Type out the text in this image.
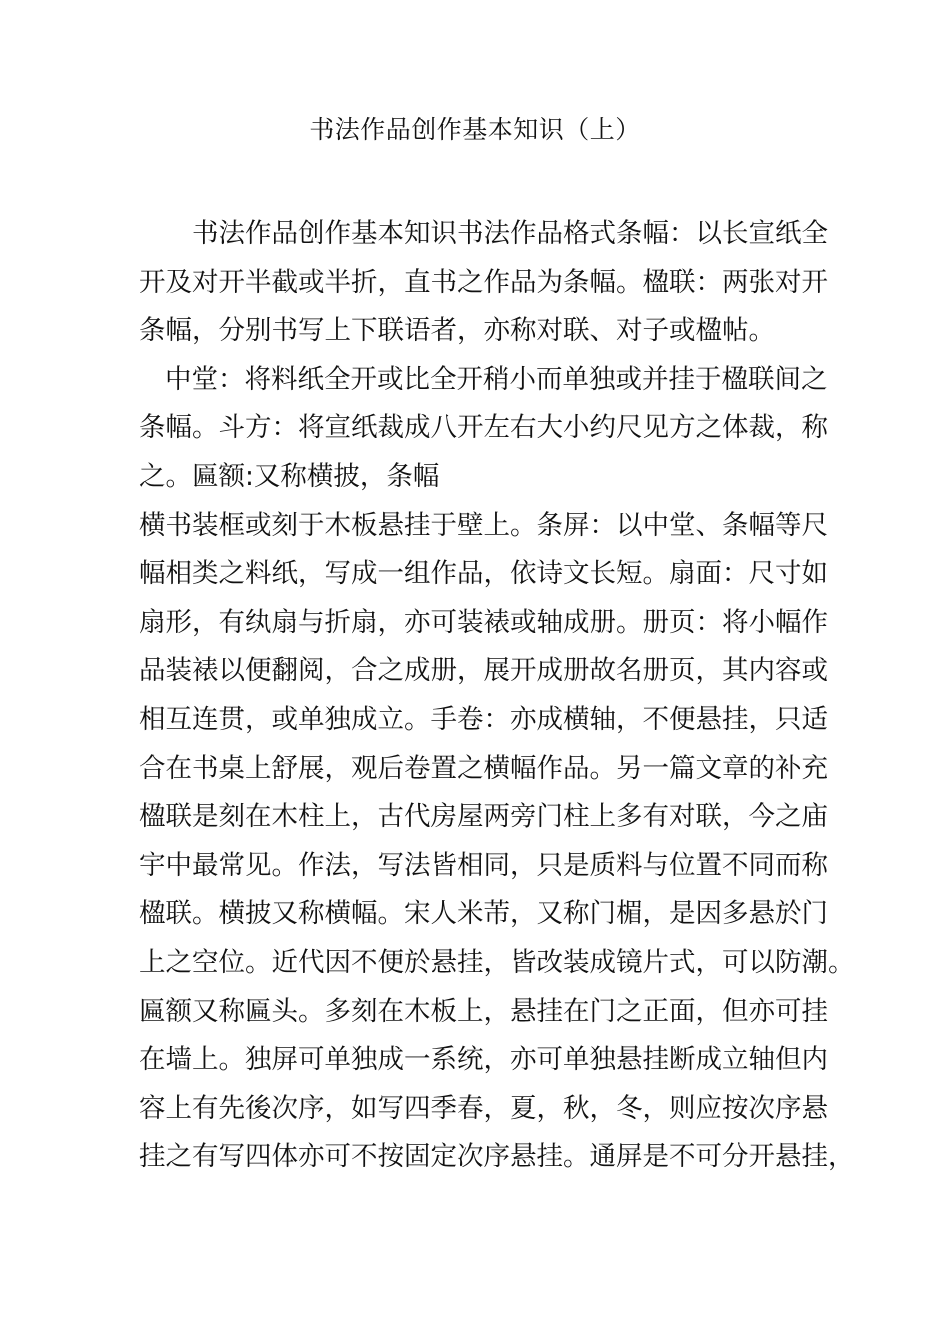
书法作品创作基本知识（上）
书法作品创作基本知识书法作品格式条幅：以长宣纸全
开及对开半截或半折，直书之作品为条幅。楹联：两张对开
条幅，分别书写上下联语者，亦称对联、对子或楹帖。
中堂：将料纸全开或比全开稍小而单独或并挂于楹联间之
条幅。斗方：将宣纸裁成八开左右大小约尺见方之体裁，称
之。匾额:又称横披，条幅
横书装框或刻于木板悬挂于壁上。条屏：以中堂、条幅等尺
幅相类之料纸，写成一组作品，依诗文长短。扇面：尺寸如
扇形，有纨扇与折扇，亦可装裱或轴成册。册页：将小幅作
品装裱以便翻阅，合之成册，展开成册故名册页，其内容或
相互连贯，或单独成立。手卷：亦成横轴，不便悬挂，只适
合在书桌上舒展，观后卷置之横幅作品。另一篇文章的补充
楹联是刻在木柱上，古代房屋两旁门柱上多有对联，今之庙
宇中最常见。作法，写法皆相同，只是质料与位置不同而称
楹联。横披又称横幅。宋人米芾，又称门楣，是因多悬於门
上之空位。近代因不便於悬挂，皆改装成镜片式，可以防潮。
匾额又称匾头。多刻在木板上，悬挂在门之正面，但亦可挂
在墙上。独屏可单独成一系统，亦可单独悬挂断成立轴但内
容上有先後次序，如写四季春，夏，秋，冬，则应按次序悬
挂之有写四体亦可不按固定次序悬挂。通屏是不可分开悬挂，
